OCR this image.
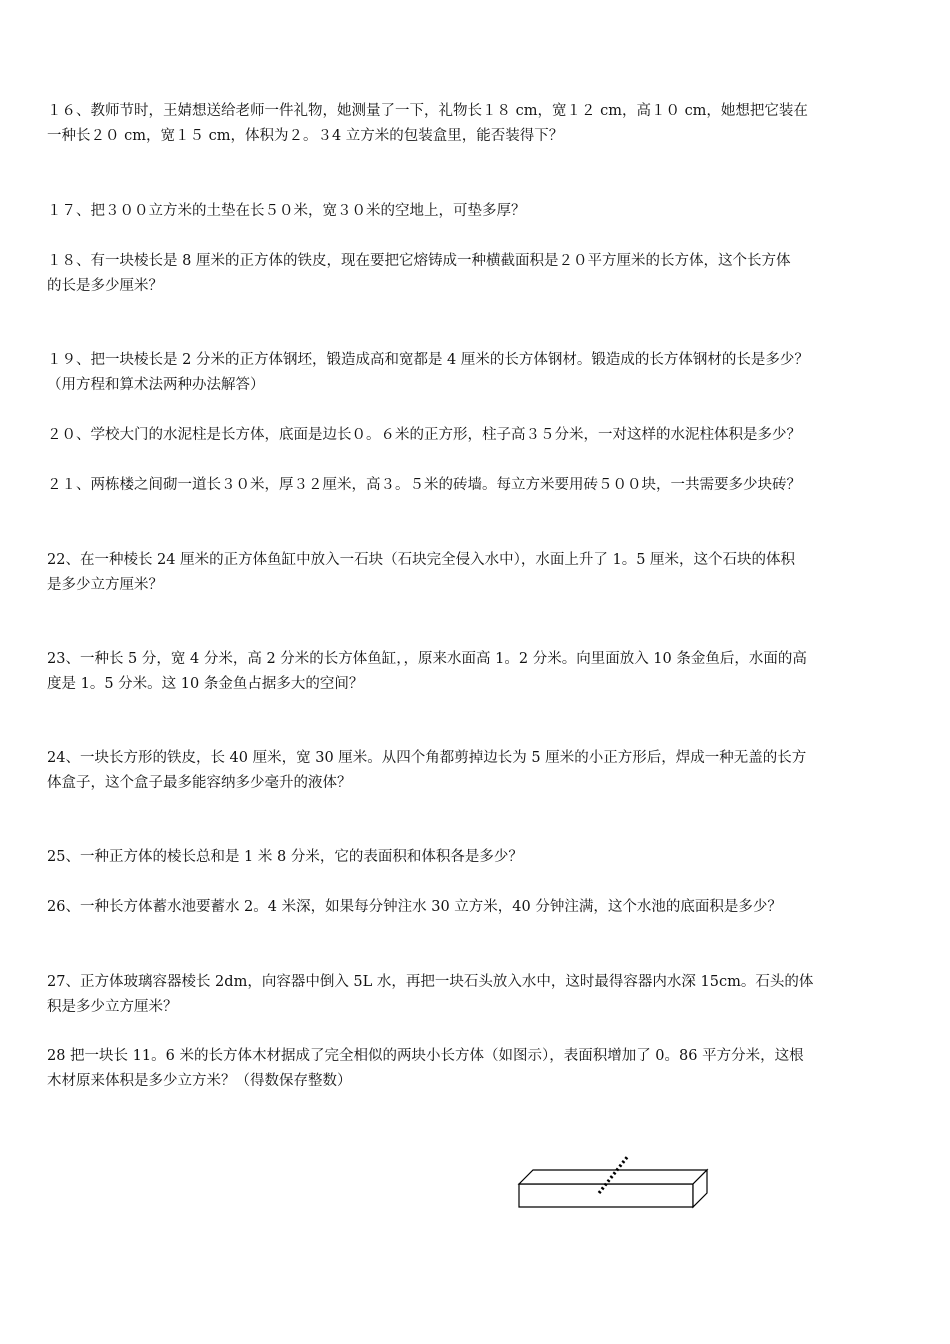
１６、教师节时，王婧想送给老师一件礼物，她测量了一下，礼物长１８ cm，宽１２ cm，高１０ cm，她想把它装在
一种长２０ cm，宽１５ cm，体积为２。３4 立方米的包装盒里，能否装得下？
１７、把３００立方米的土垫在长５０米，宽３０米的空地上，可垫多厚？
１８、有一块棱长是 8 厘米的正方体的铁皮，现在要把它熔铸成一种横截面积是２０平方厘米的长方体，这个长方体
的长是多少厘米？
１９、把一块棱长是 2 分米的正方体钢坯，锻造成高和宽都是 4 厘米的长方体钢材。锻造成的长方体钢材的长是多少？
（用方程和算术法两种办法解答）
２０、学校大门的水泥柱是长方体，底面是边长０。６米的正方形，柱子高３５分米，一对这样的水泥柱体积是多少？
２１、两栋楼之间砌一道长３０米，厚３２厘米，高３。５米的砖墙。每立方米要用砖５００块，一共需要多少块砖？
22、在一种棱长 24 厘米的正方体鱼缸中放入一石块（石块完全侵入水中），水面上升了 1。5 厘米，这个石块的体积
是多少立方厘米？
23、一种长 5 分，宽 4 分米，高 2 分米的长方体鱼缸，，原来水面高 1。2 分米。向里面放入 10 条金鱼后，水面的高
度是 1。5 分米。这 10 条金鱼占据多大的空间？
24、一块长方形的铁皮，长 40 厘米，宽 30 厘米。从四个角都剪掉边长为 5 厘米的小正方形后，焊成一种无盖的长方
体盒子，这个盒子最多能容纳多少毫升的液体？
25、一种正方体的棱长总和是 1 米 8 分米，它的表面积和体积各是多少？
26、一种长方体蓄水池要蓄水 2。4 米深，如果每分钟注水 30 立方米，40 分钟注满，这个水池的底面积是多少？
27、正方体玻璃容器棱长 2dm，向容器中倒入 5L 水，再把一块石头放入水中，这时最得容器内水深 15cm。石头的体
积是多少立方厘米？
28 把一块长 11。6 米的长方体木材据成了完全相似的两块小长方体（如图示），表面积增加了 0。86 平方分米，这根
木材原来体积是多少立方米？（得数保存整数）
